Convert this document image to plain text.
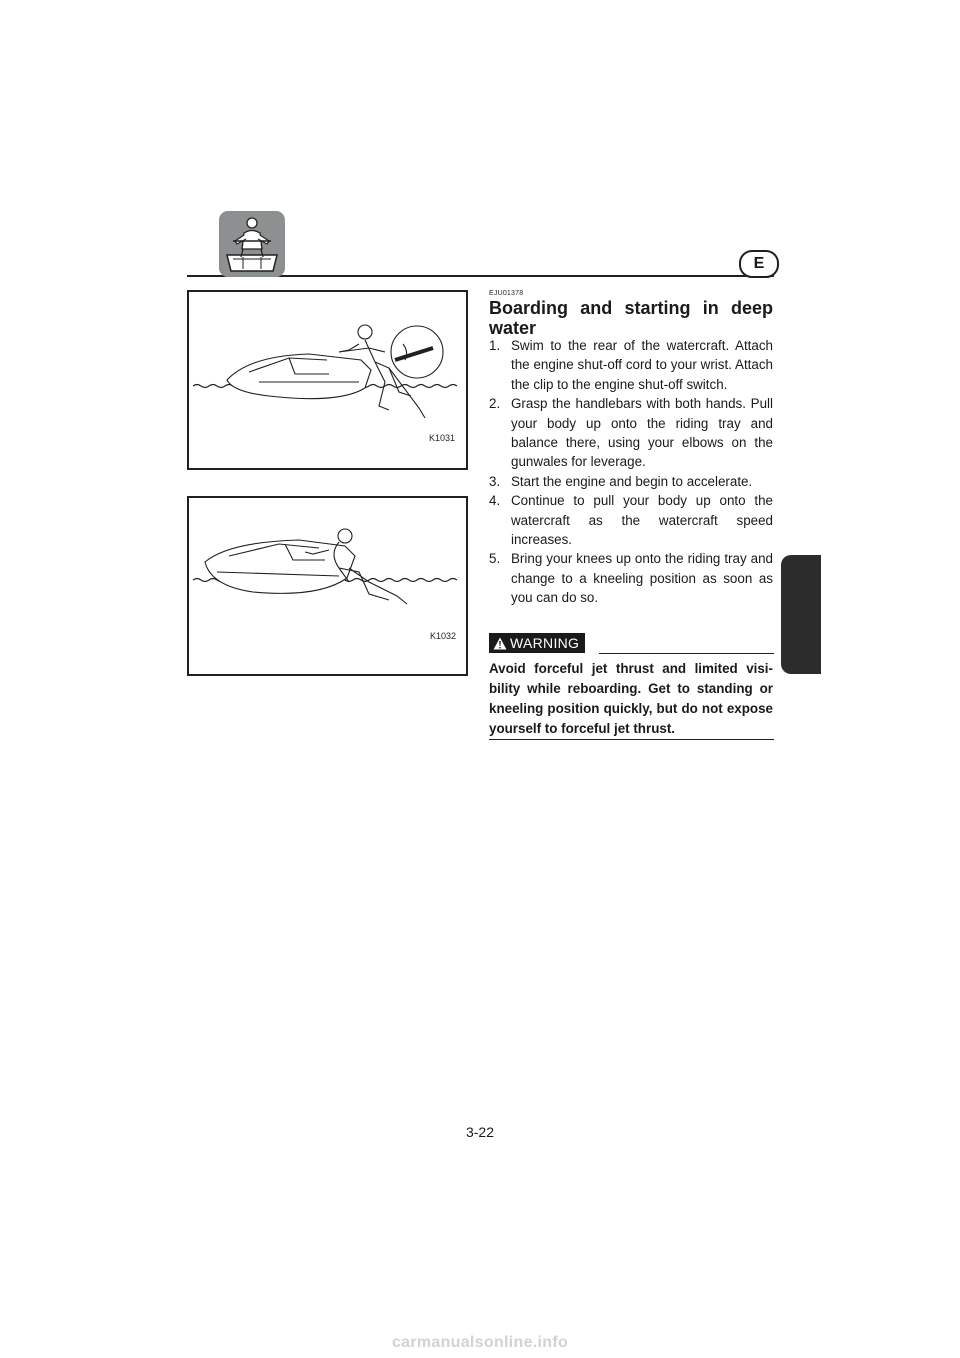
E
K1031
K1032
EJU01378
Boarding and starting in deep water
1. Swim to the rear of the watercraft. Attach the engine shut-off cord to your wrist. Attach the clip to the engine shut-off switch.
2. Grasp the handlebars with both hands. Pull your body up onto the riding tray and balance there, using your elbows on the gunwales for leverage.
3. Start the engine and begin to accelerate.
4. Continue to pull your body up onto the watercraft as the watercraft speed increases.
5. Bring your knees up onto the riding tray and change to a kneeling position as soon as you can do so.
WARNING
Avoid forceful jet thrust and limited visi-bility while reboarding. Get to standing or kneeling position quickly, but do not expose yourself to forceful jet thrust.
3-22
carmanualsonline.info
